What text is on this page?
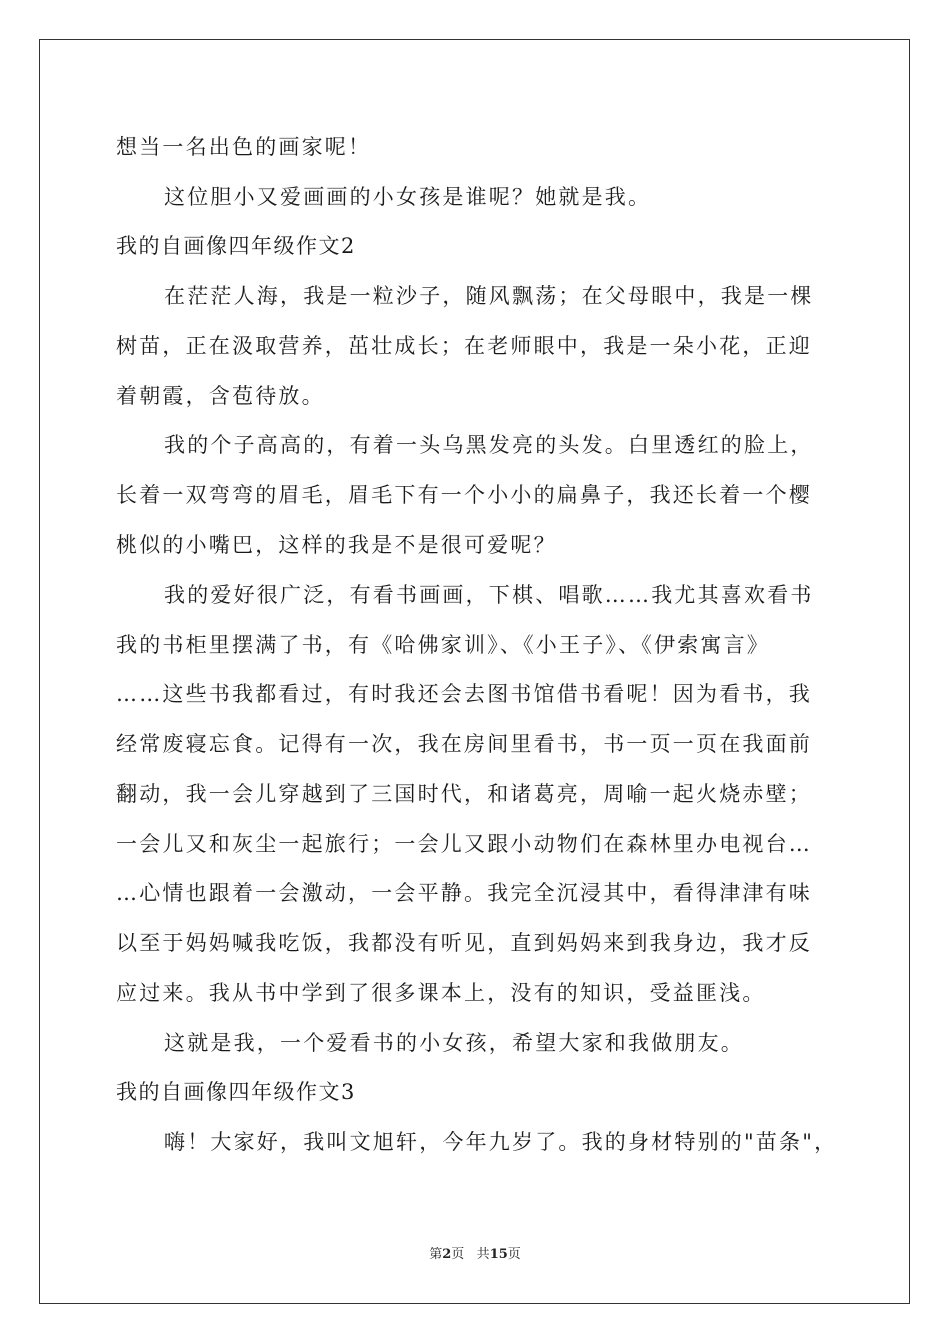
想当一名出色的画家呢！
这位胆小又爱画画的小女孩是谁呢？她就是我。
我的自画像四年级作文2
在茫茫人海，我是一粒沙子，随风飘荡；在父母眼中，我是一棵
树苗，正在汲取营养，茁壮成长；在老师眼中，我是一朵小花，正迎
着朝霞，含苞待放。
我的个子高高的，有着一头乌黑发亮的头发。白里透红的脸上，
长着一双弯弯的眉毛，眉毛下有一个小小的扁鼻子，我还长着一个樱
桃似的小嘴巴，这样的我是不是很可爱呢？
我的爱好很广泛，有看书画画，下棋、唱歌……我尤其喜欢看书
我的书柜里摆满了书，有《哈佛家训》、《小王子》、《伊索寓言》
……这些书我都看过，有时我还会去图书馆借书看呢！因为看书，我
经常废寝忘食。记得有一次，我在房间里看书，书一页一页在我面前
翻动，我一会儿穿越到了三国时代，和诸葛亮，周喻一起火烧赤壁；
一会儿又和灰尘一起旅行；一会儿又跟小动物们在森林里办电视台…
…心情也跟着一会激动，一会平静。我完全沉浸其中，看得津津有味
以至于妈妈喊我吃饭，我都没有听见，直到妈妈来到我身边，我才反
应过来。我从书中学到了很多课本上，没有的知识，受益匪浅。
这就是我，一个爱看书的小女孩，希望大家和我做朋友。
我的自画像四年级作文3
嗨！大家好，我叫文旭轩，今年九岁了。我的身材特别的"苗条"，
第2页 共15页
